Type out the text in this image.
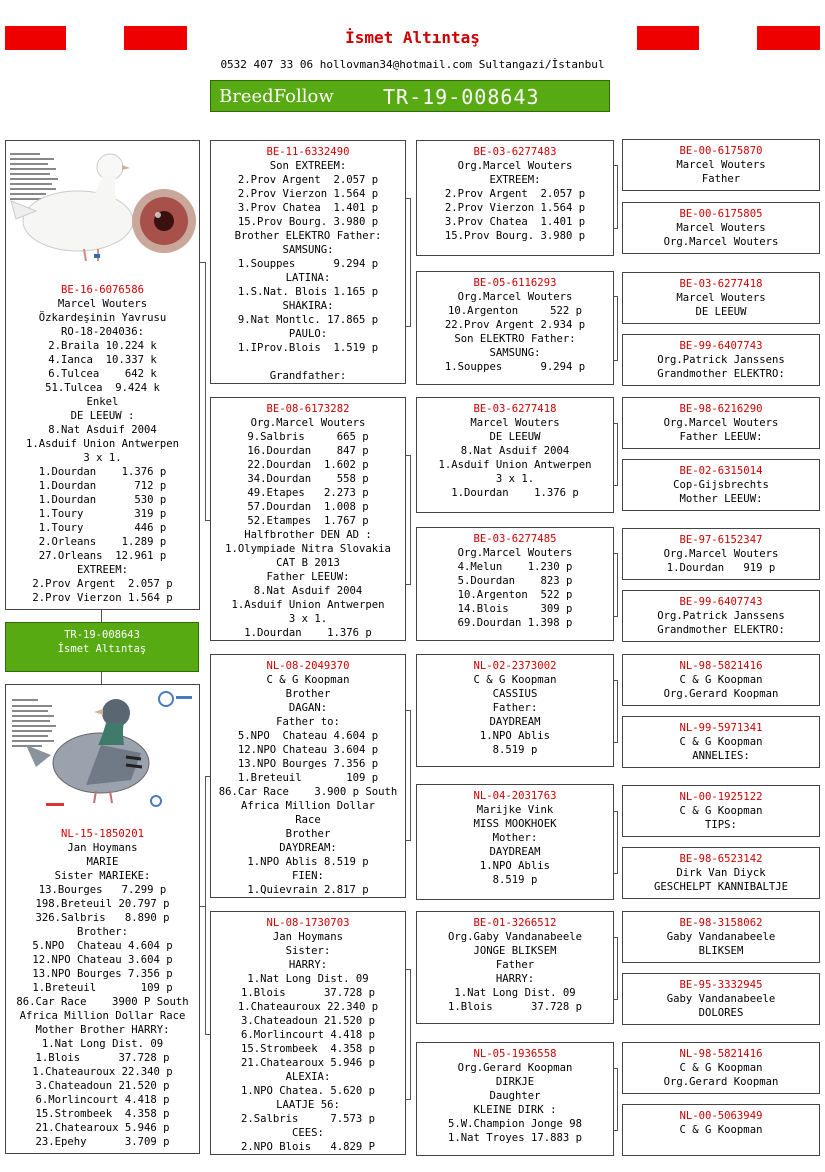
İsmet Altıntaş
0532 407 33 06 hollovman34@hotmail.com Sultangazi/İstanbul
BreedFollow TR-19-008643
BE-16-6076586
Marcel Wouters
Özkardeşinin Yavrusu
RO-18-204036:
2.Braila 10.224 k
4.Ianca  10.337 k
6.Tulcea    642 k
51.Tulcea  9.424 k
Enkel
DE LEEUW :
8.Nat Asduif 2004
1.Asduif Union Antwerpen
3 x 1.
1.Dourdan    1.376 p
1.Dourdan      712 p
1.Dourdan      530 p
1.Toury        319 p
1.Toury        446 p
2.Orleans    1.289 p
27.Orleans  12.961 p
EXTREEM:
2.Prov Argent  2.057 p
2.Prov Vierzon 1.564 p
TR-19-008643
İsmet Altıntaş
NL-15-1850201
Jan Hoymans
MARIE
Sister MARIEKE:
13.Bourges   7.299 p
198.Breteuil 20.797 p
326.Salbris   8.890 p
Brother:
5.NPO  Chateau 4.604 p
12.NPO Chateau 3.604 p
13.NPO Bourges 7.356 p
1.Breteuil       109 p
86.Car Race    3900 P South
Africa Million Dollar Race
Mother Brother HARRY:
1.Nat Long Dist. 09
1.Blois      37.728 p
1.Chateauroux 22.340 p
3.Chateadoun 21.520 p
6.Morlincourt 4.418 p
15.Strombeek  4.358 p
21.Chatearoux 5.946 p
23.Epehy      3.709 p
BE-11-6332490
Son EXTREEM:
2.Prov Argent  2.057 p
2.Prov Vierzon 1.564 p
3.Prov Chatea  1.401 p
15.Prov Bourg. 3.980 p
Brother ELEKTRO Father:
SAMSUNG:
1.Souppes      9.294 p
LATINA:
1.S.Nat. Blois 1.165 p
SHAKIRA:
9.Nat Montlc. 17.865 p
PAULO:
1.IProv.Blois  1.519 p

Grandfather:
BE-08-6173282
Org.Marcel Wouters
9.Salbris     665 p
16.Dourdan    847 p
22.Dourdan  1.602 p
34.Dourdan    558 p
49.Etapes   2.273 p
57.Dourdan  1.008 p
52.Etampes  1.767 p
Halfbrother DEN AD :
1.Olympiade Nitra Slovakia
CAT B 2013
Father LEEUW:
8.Nat Asduif 2004
1.Asduif Union Antwerpen
3 x 1.
1.Dourdan    1.376 p
NL-08-2049370
C & G Koopman
Brother
DAGAN:
Father to:
5.NPO  Chateau 4.604 p
12.NPO Chateau 3.604 p
13.NPO Bourges 7.356 p
1.Breteuil       109 p
86.Car Race    3.900 p South
Africa Million Dollar
Race
Brother
DAYDREAM:
1.NPO Ablis 8.519 p
FIEN:
1.Quievrain 2.817 p
NL-08-1730703
Jan Hoymans
Sister:
HARRY:
1.Nat Long Dist. 09
1.Blois      37.728 p
1.Chateauroux 22.340 p
3.Chateadoun 21.520 p
6.Morlincourt 4.418 p
15.Strombeek  4.358 p
21.Chatearoux 5.946 p
ALEXIA:
1.NPO Chatea. 5.620 p
LAATJE 56:
2.Salbris     7.573 p
CEES:
2.NPO Blois   4.829 P
BE-03-6277483
Org.Marcel Wouters
EXTREEM:
2.Prov Argent  2.057 p
2.Prov Vierzon 1.564 p
3.Prov Chatea  1.401 p
15.Prov Bourg. 3.980 p
BE-05-6116293
Org.Marcel Wouters
10.Argenton     522 p
22.Prov Argent 2.934 p
Son ELEKTRO Father:
SAMSUNG:
1.Souppes      9.294 p
BE-03-6277418
Marcel Wouters
DE LEEUW
8.Nat Asduif 2004
1.Asduif Union Antwerpen
3 x 1.
1.Dourdan    1.376 p
BE-03-6277485
Org.Marcel Wouters
4.Melun    1.230 p
5.Dourdan    823 p
10.Argenton  522 p
14.Blois     309 p
69.Dourdan 1.398 p
NL-02-2373002
C & G Koopman
CASSIUS
Father:
DAYDREAM
1.NPO Ablis
8.519 p
NL-04-2031763
Marijke Vink
MISS MOOKHOEK
Mother:
DAYDREAM
1.NPO Ablis
8.519 p
BE-01-3266512
Org.Gaby Vandanabeele
JONGE BLIKSEM
Father
HARRY:
1.Nat Long Dist. 09
1.Blois      37.728 p
NL-05-1936558
Org.Gerard Koopman
DIRKJE
Daughter
KLEINE DIRK :
5.W.Champion Jonge 98
1.Nat Troyes 17.883 p
BE-00-6175870
Marcel Wouters
Father
BE-00-6175805
Marcel Wouters
Org.Marcel Wouters
BE-03-6277418
Marcel Wouters
DE LEEUW
BE-99-6407743
Org.Patrick Janssens
Grandmother ELEKTRO:
BE-98-6216290
Org.Marcel Wouters
Father LEEUW:
BE-02-6315014
Cop-Gijsbrechts
Mother LEEUW:
BE-97-6152347
Org.Marcel Wouters
1.Dourdan   919 p
BE-99-6407743
Org.Patrick Janssens
Grandmother ELEKTRO:
NL-98-5821416
C & G Koopman
Org.Gerard Koopman
NL-99-5971341
C & G Koopman
ANNELIES:
NL-00-1925122
C & G Koopman
TIPS:
BE-98-6523142
Dirk Van Diyck
GESCHELPT KANNIBALTJE
BE-98-3158062
Gaby Vandanabeele
BLIKSEM
BE-95-3332945
Gaby Vandanabeele
DOLORES
NL-98-5821416
C & G Koopman
Org.Gerard Koopman
NL-00-5063949
C & G Koopman
